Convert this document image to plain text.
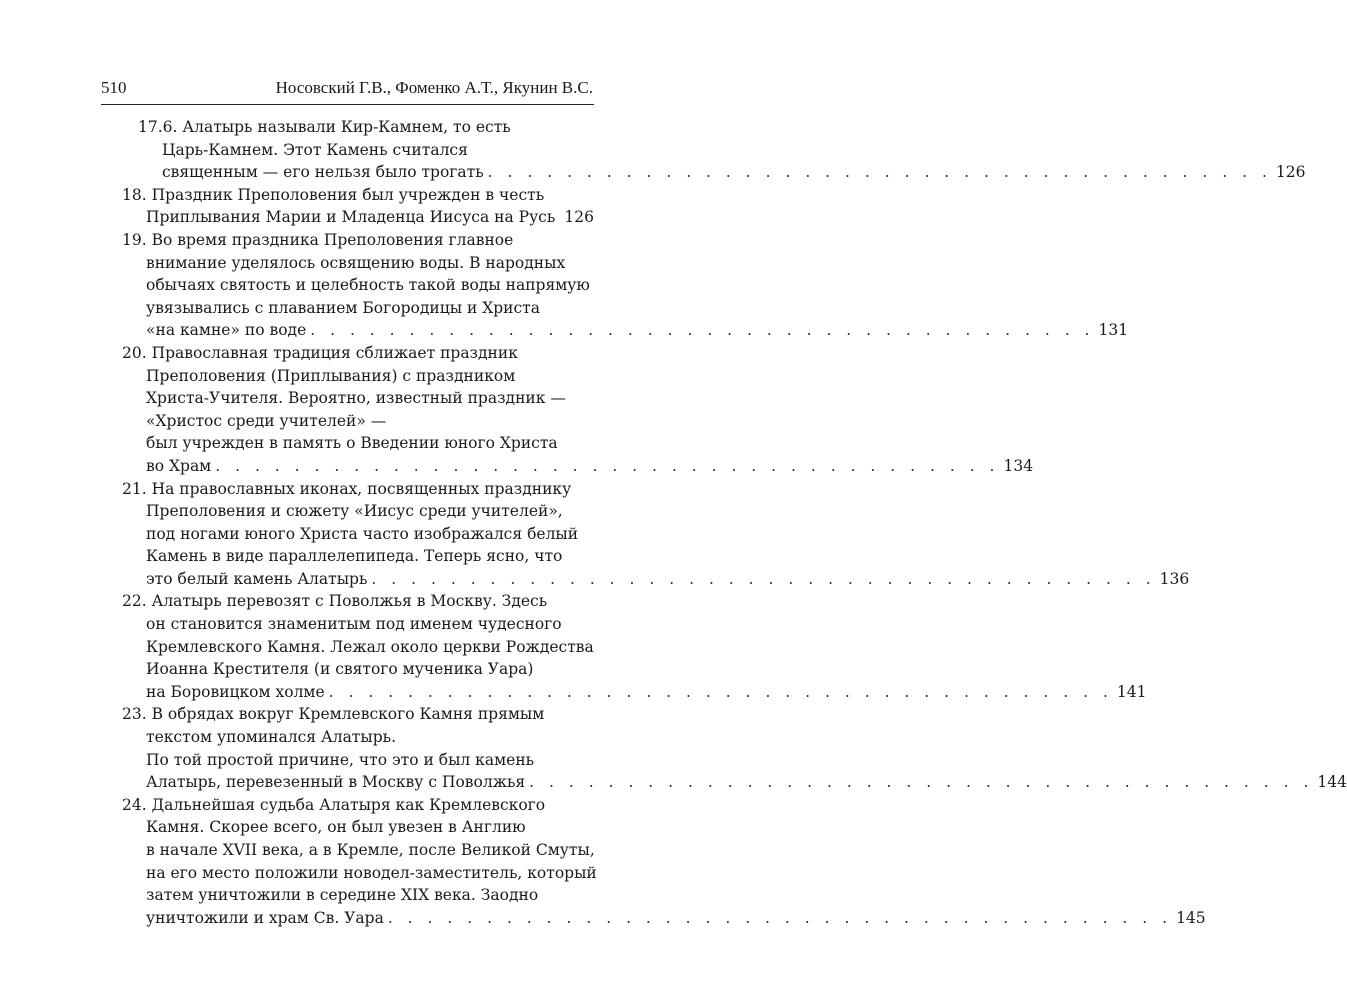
510	Носовский Г.В., Фоменко А.Т., Якунин В.С.
17.6. Алатырь называли Кир-Камнем, то есть
Царь-Камнем. Этот Камень считался
священным — его нельзя было трогать . . . . . . . . . . . . . . . . . . . . . . . . . . . . . . . . . . . . . . . . 126
18. Праздник Преполовения был учрежден в честь
Приплывания Марии и Младенца Иисуса на Русь 126
19. Во время праздника Преполовения главное
внимание уделялось освящению воды. В народных
обычаях святость и целебность такой воды напрямую
увязывались с плаванием Богородицы и Христа
«на камне» по воде . . . . . . . . . . . . . . . . . . . . . . . . . . . . . . . . . . . . . . . . 131
20. Православная традиция сближает праздник
Преполовения (Приплывания) с праздником
Христа-Учителя. Вероятно, известный праздник —
«Христос среди учителей» —
был учрежден в память о Введении юного Христа
во Храм . . . . . . . . . . . . . . . . . . . . . . . . . . . . . . . . . . . . . . . . 134
21. На православных иконах, посвященных празднику
Преполовения и сюжету «Иисус среди учителей»,
под ногами юного Христа часто изображался белый
Камень в виде параллелепипеда. Теперь ясно, что
это белый камень Алатырь . . . . . . . . . . . . . . . . . . . . . . . . . . . . . . . . . . . . . . . . 136
22. Алатырь перевозят с Поволжья в Москву. Здесь
он становится знаменитым под именем чудесного
Кремлевского Камня. Лежал около церкви Рождества
Иоанна Крестителя (и святого мученика Уара)
на Боровицком холме . . . . . . . . . . . . . . . . . . . . . . . . . . . . . . . . . . . . . . . . 141
23. В обрядах вокруг Кремлевского Камня прямым
текстом упоминался Алатырь.
По той простой причине, что это и был камень
Алатырь, перевезенный в Москву с Поволжья . . . . . . . . . . . . . . . . . . . . . . . . . . . . . . . . . . . . . . . . 144
24. Дальнейшая судьба Алатыря как Кремлевского
Камня. Скорее всего, он был увезен в Англию
в начале XVII века, а в Кремле, после Великой Смуты,
на его место положили новодел-заместитель, который
затем уничтожили в середине XIX века. Заодно
уничтожили и храм Св. Уара . . . . . . . . . . . . . . . . . . . . . . . . . . . . . . . . . . . . . . . . 145
